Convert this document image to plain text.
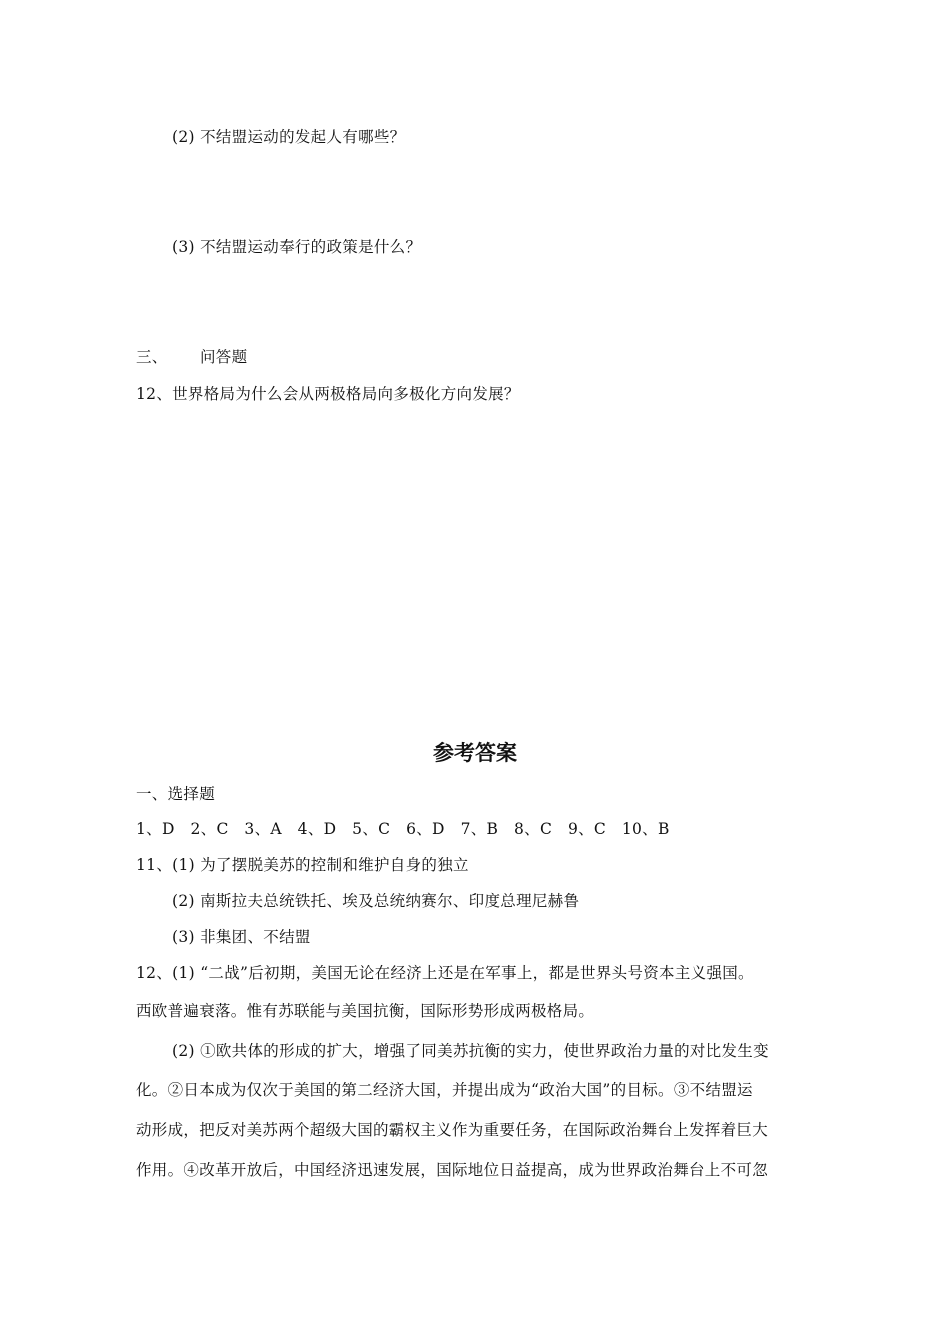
(2) 不结盟运动的发起人有哪些？
(3) 不结盟运动奉行的政策是什么？
三、 问答题
12、世界格局为什么会从两极格局向多极化方向发展？
参考答案
一、选择题
1、D　2、C　3、A　4、D　5、C　6、D　7、B　8、C　9、C　10、B
11、(1) 为了摆脱美苏的控制和维护自身的独立
(2) 南斯拉夫总统铁托、埃及总统纳赛尔、印度总理尼赫鲁
(3) 非集团、不结盟
12、(1) “二战”后初期，美国无论在经济上还是在军事上，都是世界头号资本主义强国。
西欧普遍衰落。惟有苏联能与美国抗衡，国际形势形成两极格局。
(2) ①欧共体的形成的扩大，增强了同美苏抗衡的实力，使世界政治力量的对比发生变
化。②日本成为仅次于美国的第二经济大国，并提出成为“政治大国”的目标。③不结盟运
动形成，把反对美苏两个超级大国的霸权主义作为重要任务，在国际政治舞台上发挥着巨大
作用。④改革开放后，中国经济迅速发展，国际地位日益提高，成为世界政治舞台上不可忽
